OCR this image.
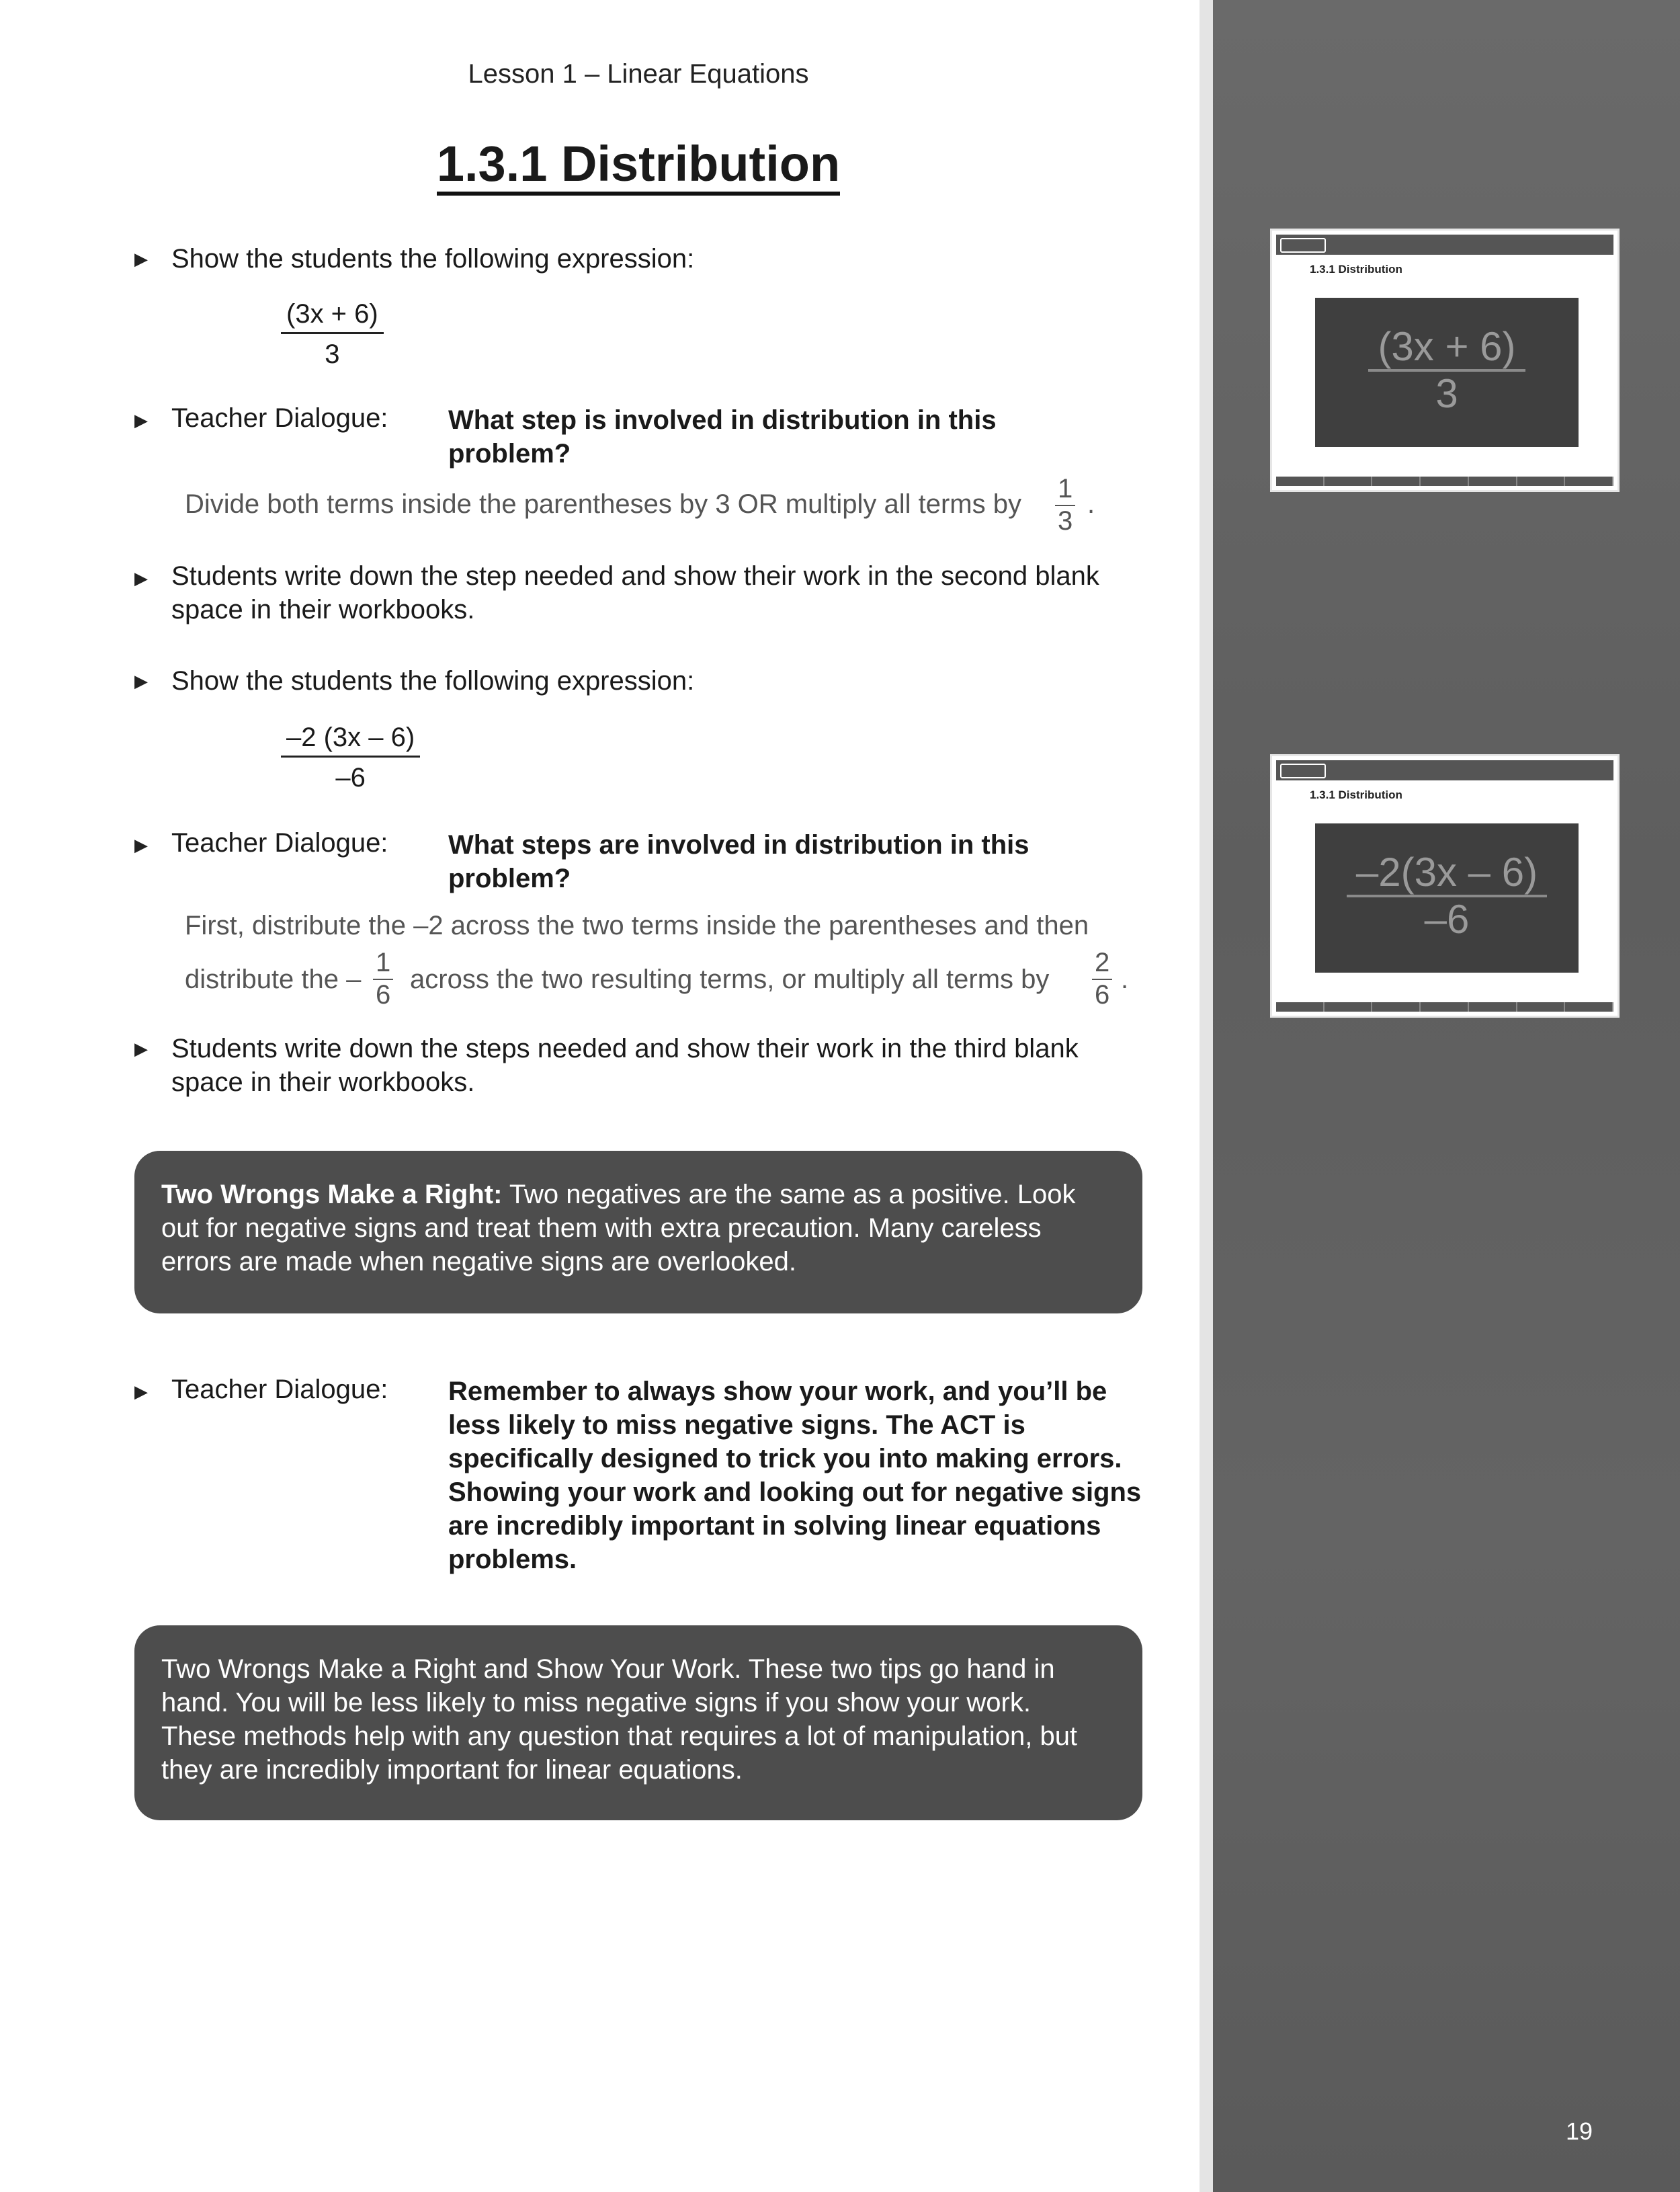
Lesson 1 – Linear Equations
1.3.1 Distribution
▶ Show the students the following expression:
$\frac{(3x + 6)}{3}$
▶ Teacher Dialogue: What step is involved in distribution in this
problem?
Divide both terms inside the parentheses by 3 OR multiply all terms by $\frac{1}{3}$ .
▶ Students write down the step needed and show their work in the second blank
space in their workbooks.
▶ Show the students the following expression:
$\frac{-2 (3x - 6)}{-6}$
▶ Teacher Dialogue: What steps are involved in distribution in this
problem?
First, distribute the –2 across the two terms inside the parentheses and then
distribute the – $\frac{1}{6}$ across the two resulting terms, or multiply all terms by $\frac{2}{6}$ .
▶ Students write down the steps needed and show their work in the third blank
space in their workbooks.
Two Wrongs Make a Right: Two negatives are the same as a positive. Look
out for negative signs and treat them with extra precaution. Many careless
errors are made when negative signs are overlooked.
▶ Teacher Dialogue: Remember to always show your work, and you’ll be
less likely to miss negative signs. The ACT is
specifically designed to trick you into making errors.
Showing your work and looking out for negative signs
are incredibly important in solving linear equations
problems.
Two Wrongs Make a Right and Show Your Work. These two tips go hand in
hand. You will be less likely to miss negative signs if you show your work.
These methods help with any question that requires a lot of manipulation, but
they are incredibly important for linear equations.
1.3.1 Distribution
$\frac{(3x + 6)}{3}$
1.3.1 Distribution
$\frac{-2(3x - 6)}{-6}$
19
